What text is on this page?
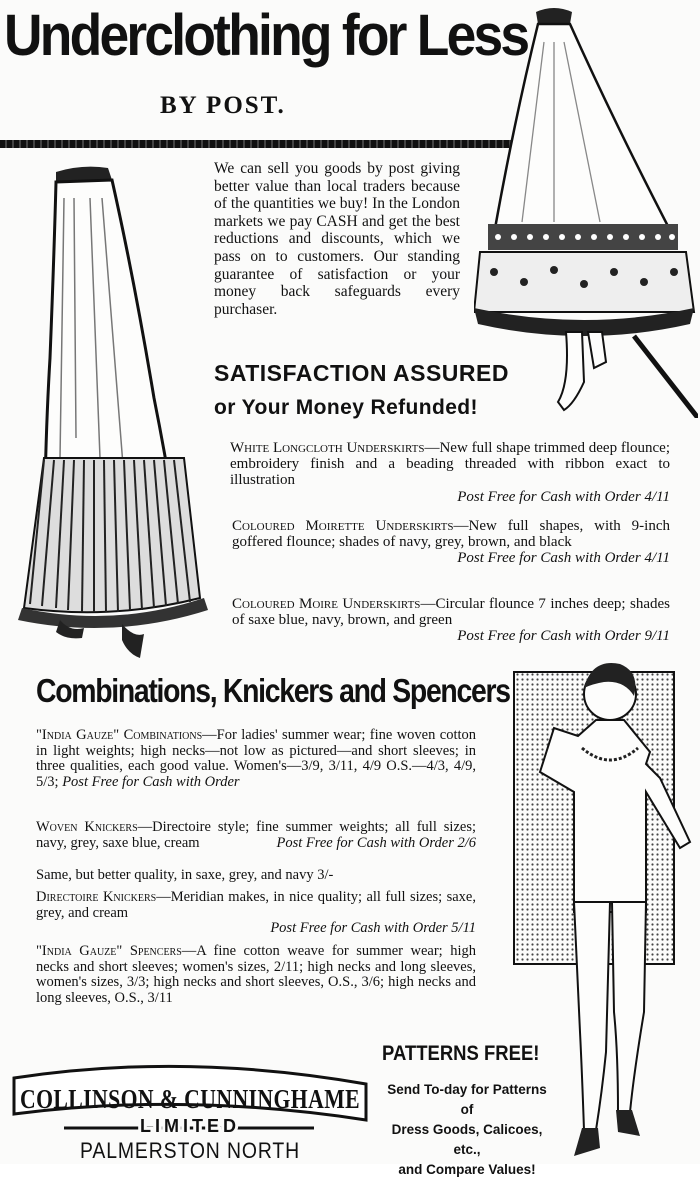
Underclothing for Less
BY POST.
We can sell you goods by post giving better value than local traders because of the quantities we buy! In the London markets we pay CASH and get the best reductions and discounts, which we pass on to customers. Our standing guarantee of satisfaction or your money back safeguards every purchaser.
SATISFACTION ASSURED
or Your Money Refunded!
White Longcloth Underskirts—New full shape trimmed deep flounce; embroidery finish and a beading threaded with ribbon exact to illustration
Post Free for Cash with Order 4/11
Coloured Moirette Underskirts—New full shapes, with 9-inch goffered flounce; shades of navy, grey, brown, and black
Post Free for Cash with Order 4/11
Coloured Moire Underskirts—Circular flounce 7 inches deep; shades of saxe blue, navy, brown, and green
Post Free for Cash with Order 9/11
Combinations, Knickers and Spencers
"India Gauze" Combinations—For ladies' summer wear; fine woven cotton in light weights; high necks—not low as pictured—and short sleeves; in three qualities, each good value. Women's—3/9, 3/11, 4/9 O.S.—4/3, 4/9, 5/3; Post Free for Cash with Order
Woven Knickers—Directoire style; fine summer weights; all full sizes; navy, grey, saxe blue, cream	Post Free for Cash with Order 2/6
Same, but better quality, in saxe, grey, and navy 3/-
Directoire Knickers—Meridian makes, in nice quality; all full sizes; saxe, grey, and cream
Post Free for Cash with Order 5/11
"India Gauze" Spencers—A fine cotton weave for summer wear; high necks and short sleeves; women's sizes, 2/11; high necks and long sleeves, women's sizes, 3/3; high necks and short sleeves, O.S., 3/6; high necks and long sleeves, O.S., 3/11
PATTERNS FREE!
Send To-day for Patterns of
Dress Goods, Calicoes, etc.,
and Compare Values!
COLLINSON & CUNNINGHAME
LIMITED
PALMERSTON NORTH
